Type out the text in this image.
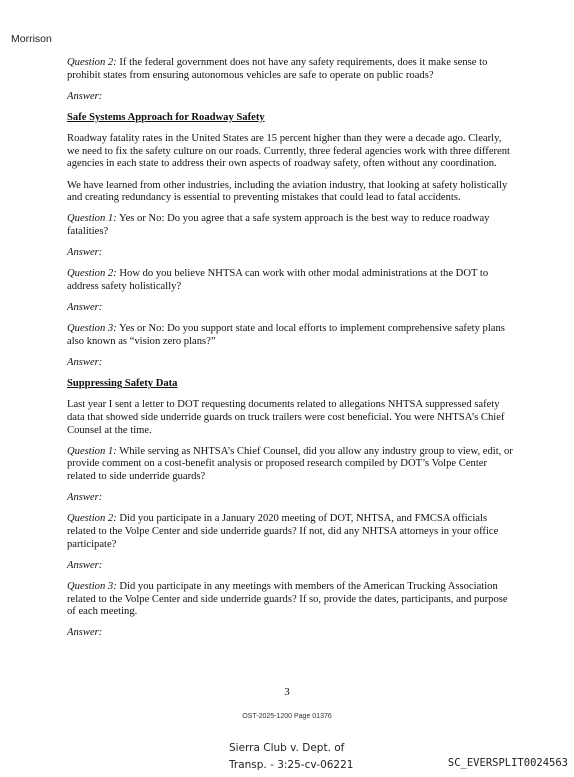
Morrison

Question 2: If the federal government does not have any safety requirements, does it make sense to prohibit states from ensuring autonomous vehicles are safe to operate on public roads?

Answer:

Safe Systems Approach for Roadway Safety

Roadway fatality rates in the United States are 15 percent higher than they were a decade ago. Clearly, we need to fix the safety culture on our roads. Currently, three federal agencies work with three different agencies in each state to address their own aspects of roadway safety, often without any coordination.

We have learned from other industries, including the aviation industry, that looking at safety holistically and creating redundancy is essential to preventing mistakes that could lead to fatal accidents.

Question 1: Yes or No: Do you agree that a safe system approach is the best way to reduce roadway fatalities?

Answer:

Question 2: How do you believe NHTSA can work with other modal administrations at the DOT to address safety holistically?

Answer:

Question 3: Yes or No: Do you support state and local efforts to implement comprehensive safety plans also known as “vision zero plans?”

Answer:

Suppressing Safety Data

Last year I sent a letter to DOT requesting documents related to allegations NHTSA suppressed safety data that showed side underride guards on truck trailers were cost beneficial. You were NHTSA’s Chief Counsel at the time.

Question 1: While serving as NHTSA’s Chief Counsel, did you allow any industry group to view, edit, or provide comment on a cost-benefit analysis or proposed research compiled by DOT’s Volpe Center related to side underride guards?

Answer:

Question 2: Did you participate in a January 2020 meeting of DOT, NHTSA, and FMCSA officials related to the Volpe Center and side underride guards? If not, did any NHTSA attorneys in your office participate?

Answer:

Question 3: Did you participate in any meetings with members of the American Trucking Association related to the Volpe Center and side underride guards? If so, provide the dates, participants, and purpose of each meeting.

Answer:

3
OST-2025-1200 Page 01376
Sierra Club v. Dept. of
Transp. - 3:25-cv-06221	SC_EVERSPLIT0024563
